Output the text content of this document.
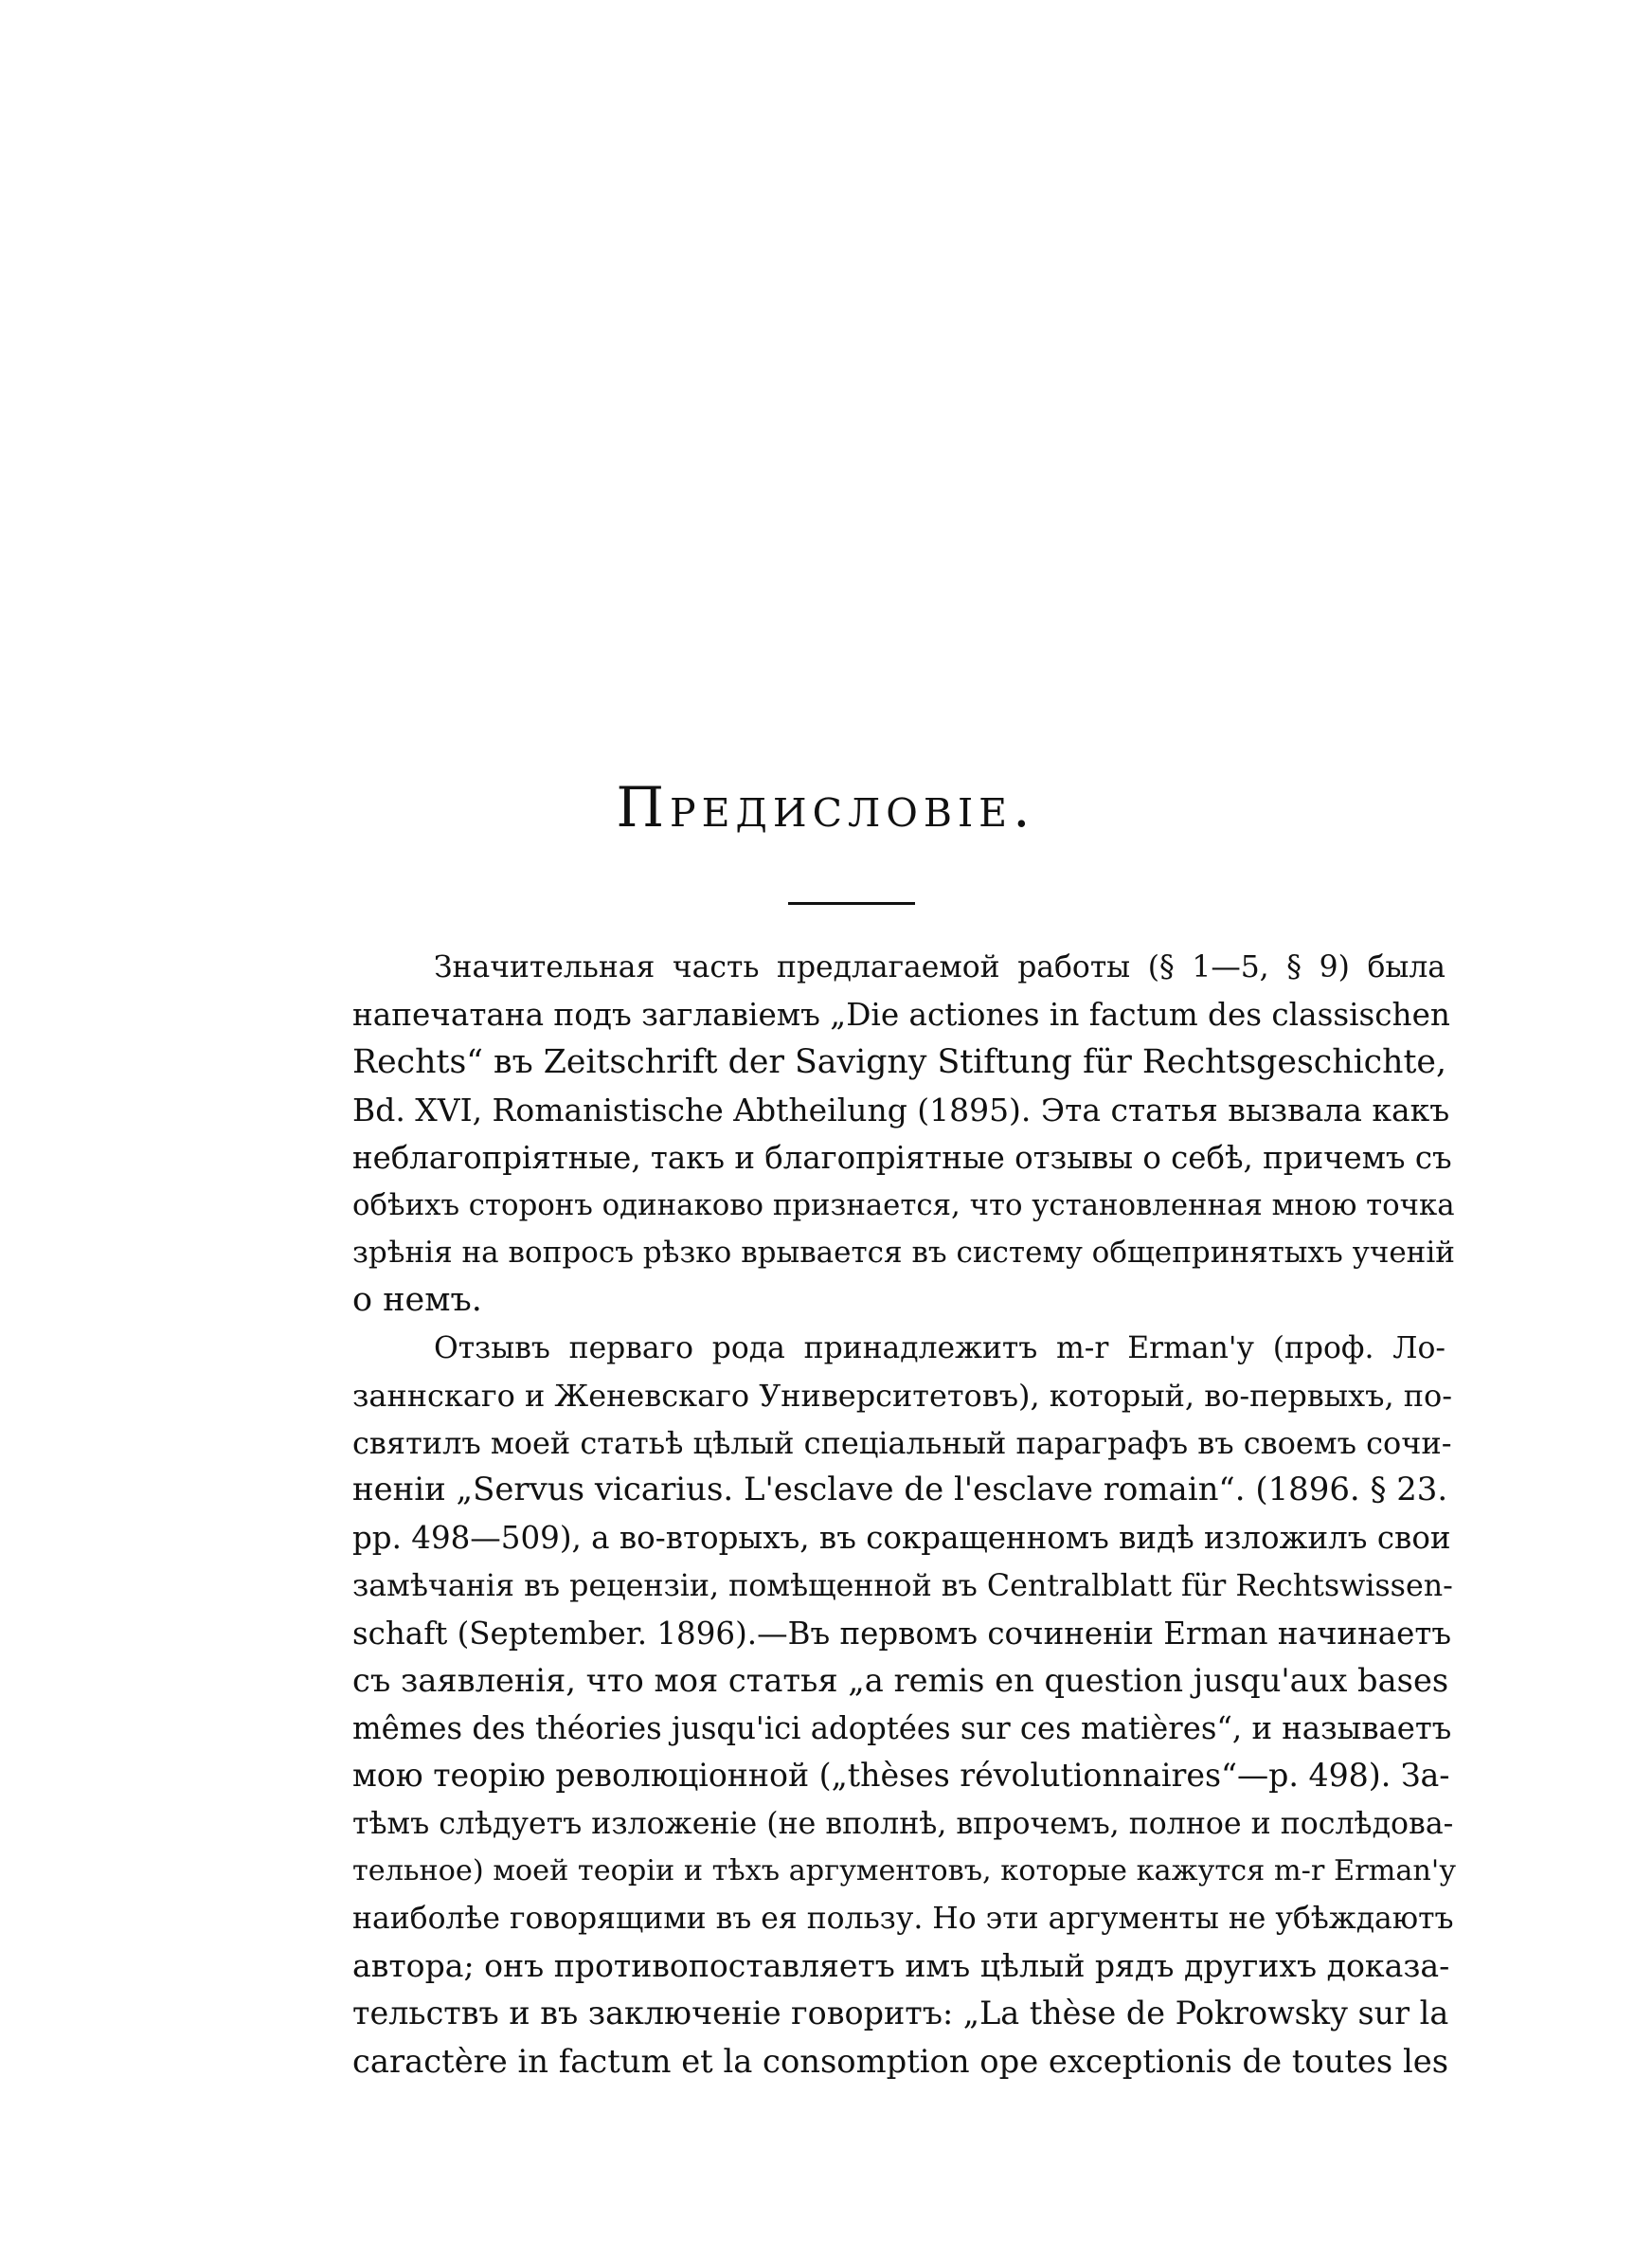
Предисловіе.
Значительная часть предлагаемой работы (§ 1—5, § 9) была
напечатана подъ заглавіемъ „Die actiones in factum des classischen
Rechts“ въ Zeitschrift der Savigny Stiftung für Rechtsgeschichte,
Bd. XVI, Romanistische Abtheilung (1895). Эта статья вызвала какъ
неблагопріятные, такъ и благопріятные отзывы о себѣ, причемъ съ
обѣихъ сторонъ одинаково признается, что установленная мною точка
зрѣнія на вопросъ рѣзко врывается въ систему общепринятыхъ ученій
о немъ.
Отзывъ перваго рода принадлежитъ m-r Erman'у (проф. Ло-
заннскаго и Женевскаго Университетовъ), который, во-первыхъ, по-
святилъ моей статьѣ цѣлый спеціальный параграфъ въ своемъ сочи-
неніи „Servus vicarius. L'esclave de l'esclave romain“. (1896. § 23.
pp. 498—509), а во-вторыхъ, въ сокращенномъ видѣ изложилъ свои
замѣчанія въ рецензіи, помѣщенной въ Centralblatt für Rechtswissen-
schaft (September. 1896).—Въ первомъ сочиненіи Erman начинаетъ
съ заявленія, что моя статья „a remis en question jusqu'aux bases
mêmes des théories jusqu'ici adoptées sur ces matières“, и называетъ
мою теорію революціонной („thèses révolutionnaires“—p. 498). За-
тѣмъ слѣдуетъ изложеніе (не вполнѣ, впрочемъ, полное и послѣдова-
тельное) моей теоріи и тѣхъ аргументовъ, которые кажутся m-r Erman'у
наиболѣе говорящими въ ея пользу. Но эти аргументы не убѣждаютъ
автора; онъ противопоставляетъ имъ цѣлый рядъ другихъ доказа-
тельствъ и въ заключеніе говоритъ: „La thèse de Pokrowsky sur la
caractère in factum et la consomption ope exceptionis de toutes les
